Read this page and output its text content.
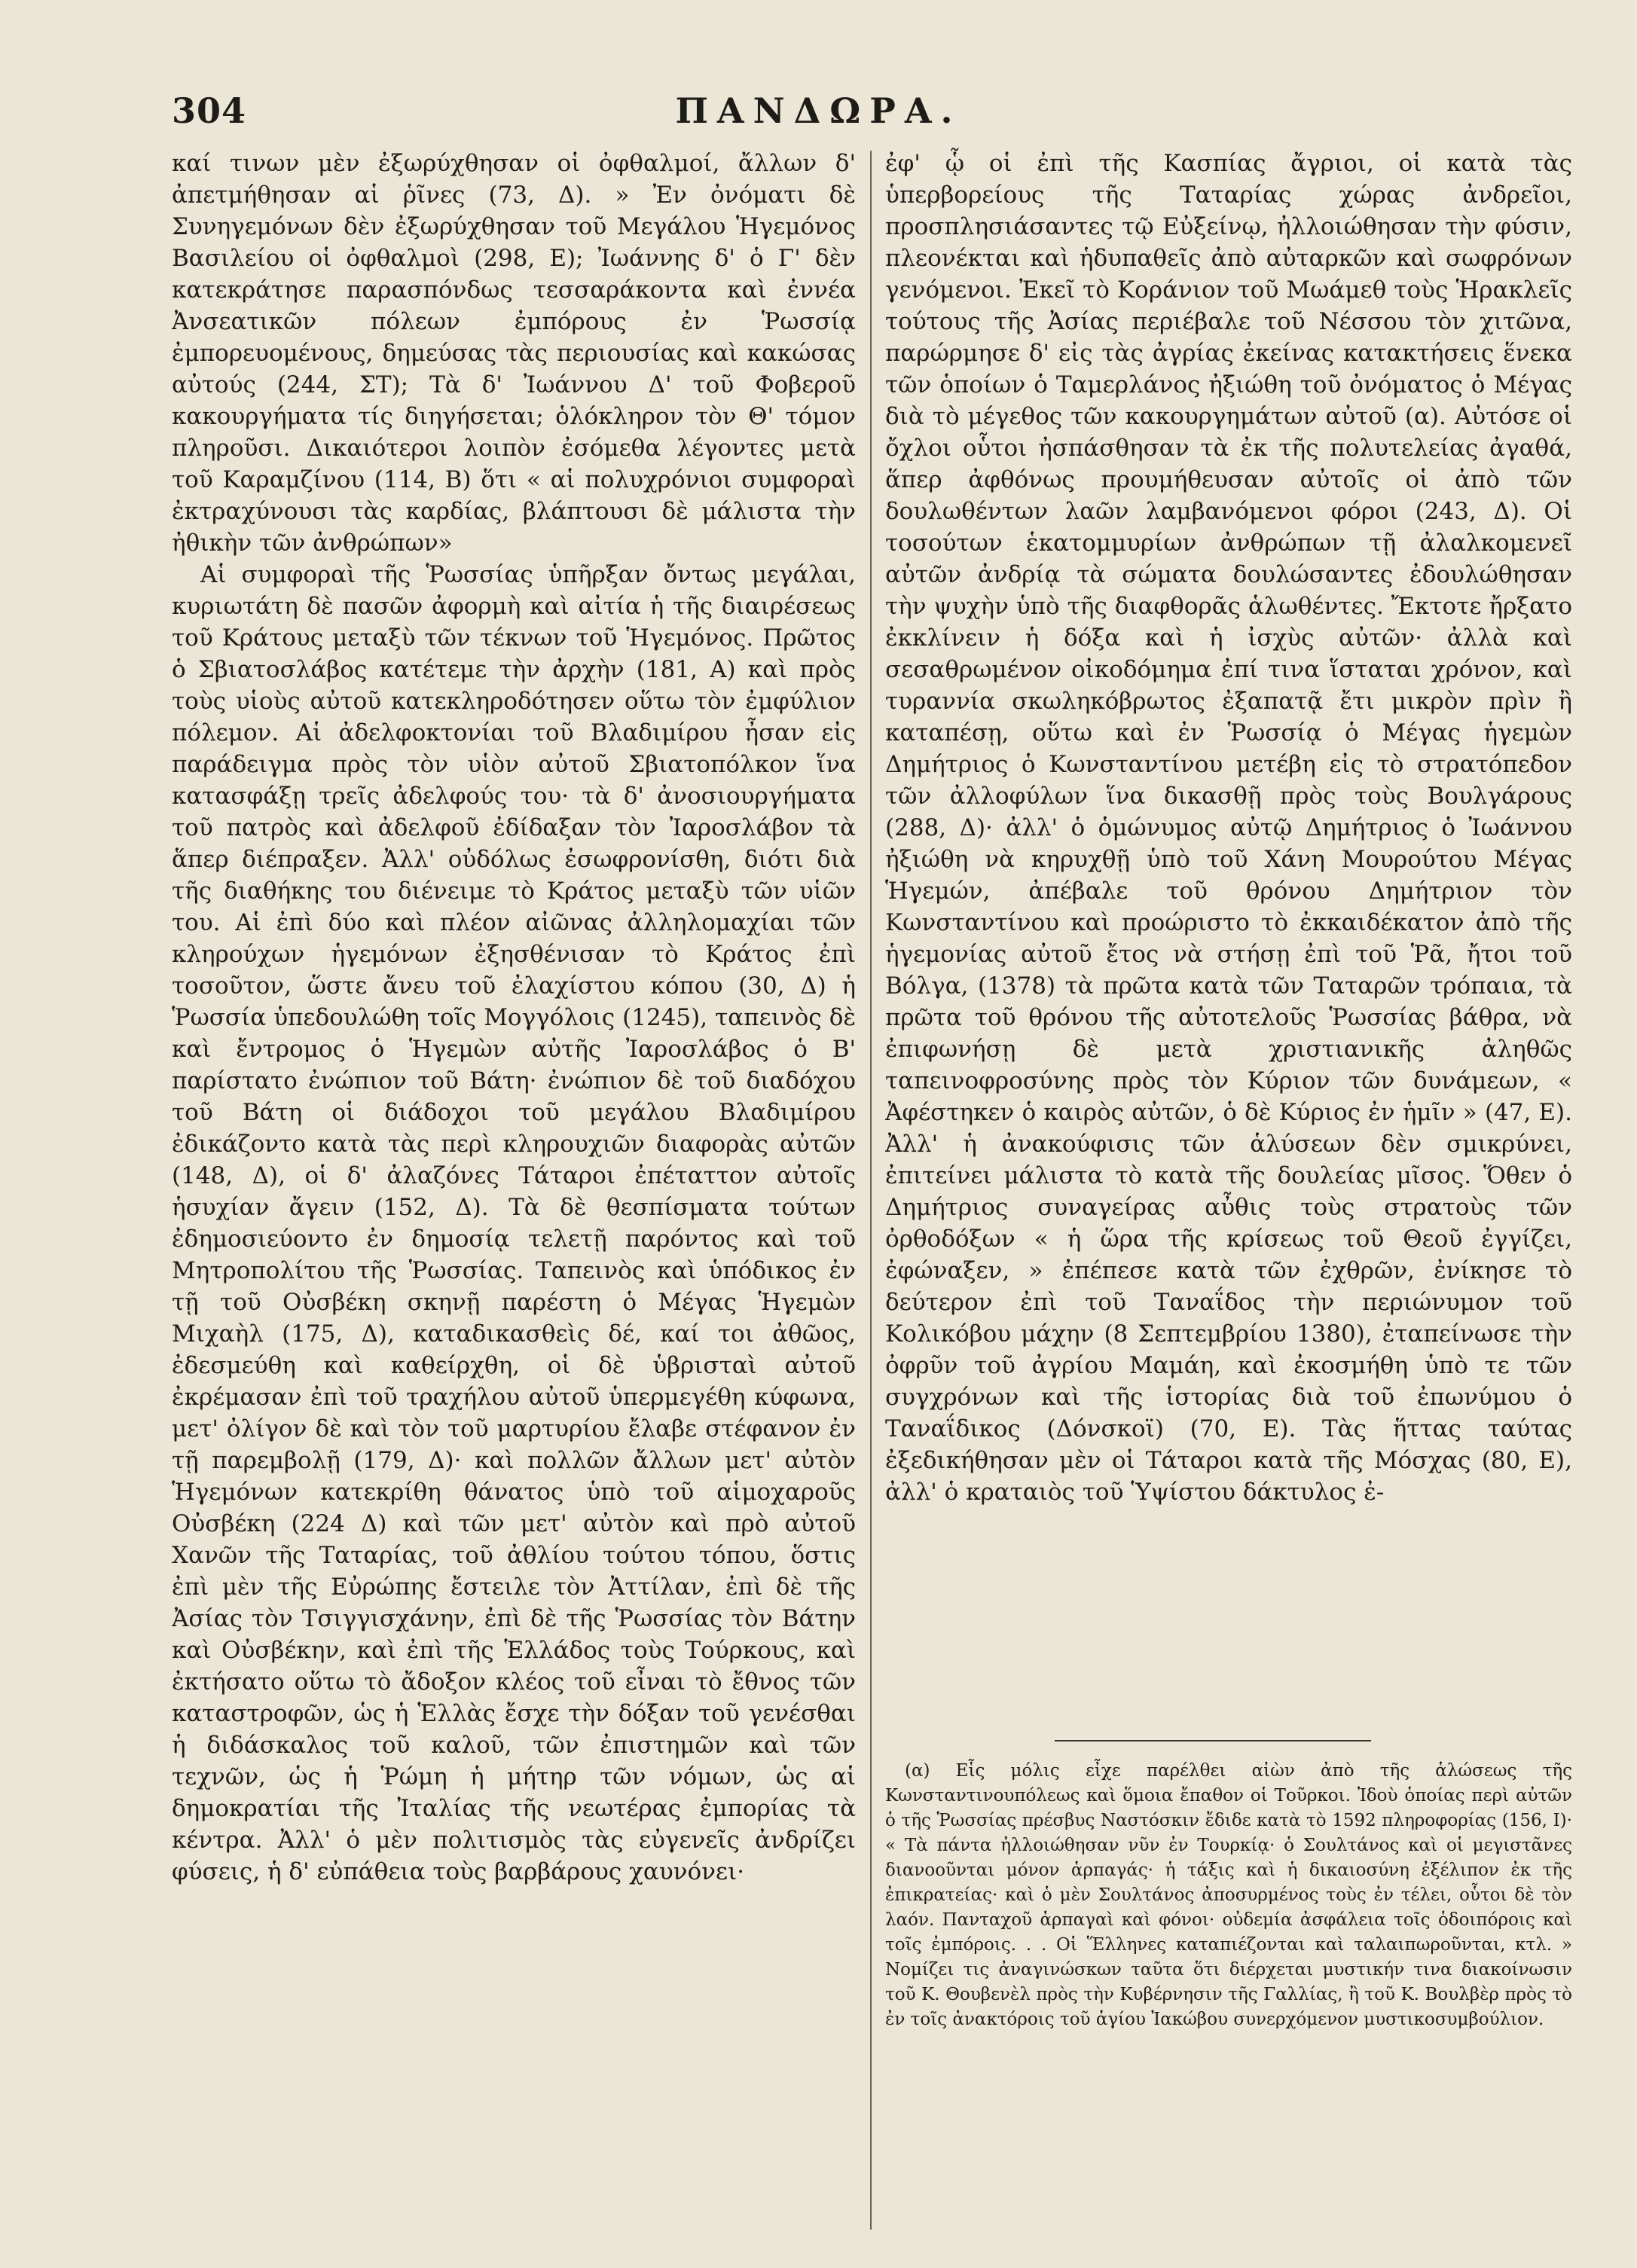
304	ΠΑΝΔΩΡΑ.

καί τινων μὲν ἐξωρύχθησαν οἱ ὀφθαλμοί, ἄλλων δ' ἀπετμήθησαν αἱ ῥῖνες (73, Δ). » Ἐν ὀνόματι δὲ Συνηγεμόνων δὲν ἐξωρύχθησαν τοῦ Μεγάλου Ἡγεμόνος Βασιλείου οἱ ὀφθαλμοὶ (298, Ε); Ἰωάννης δ' ὁ Γ' δὲν κατεκράτησε παρασπόνδως τεσσαράκοντα καὶ ἐννέα Ἀνσεατικῶν πόλεων ἐμπόρους ἐν Ῥωσσίᾳ ἐμπορευομένους, δημεύσας τὰς περιουσίας καὶ κακώσας αὐτούς (244, ΣΤ); Τὰ δ' Ἰωάννου Δ' τοῦ Φοβεροῦ κακουργήματα τίς διηγήσεται; ὁλόκληρον τὸν Θ' τόμον πληροῦσι. Δικαιότεροι λοιπὸν ἐσόμεθα λέγοντες μετὰ τοῦ Καραμζίνου (114, Β) ὅτι « αἱ πολυχρόνιοι συμφοραὶ ἐκτραχύνουσι τὰς καρδίας, βλάπτουσι δὲ μάλιστα τὴν ἠθικὴν τῶν ἀνθρώπων»

Αἱ συμφοραὶ τῆς Ῥωσσίας ὑπῆρξαν ὄντως μεγάλαι, κυριωτάτη δὲ πασῶν ἀφορμὴ καὶ αἰτία ἡ τῆς διαιρέσεως τοῦ Κράτους μεταξὺ τῶν τέκνων τοῦ Ἡγεμόνος. Πρῶτος ὁ Σβιατοσλάβος κατέτεμε τὴν ἀρχὴν (181, Α) καὶ πρὸς τοὺς υἱοὺς αὐτοῦ κατεκληροδότησεν οὕτω τὸν ἐμφύλιον πόλεμον. Αἱ ἀδελφοκτονίαι τοῦ Βλαδιμίρου ἦσαν εἰς παράδειγμα πρὸς τὸν υἱὸν αὐτοῦ Σβιατοπόλκον ἵνα κατασφάξῃ τρεῖς ἀδελφούς του· τὰ δ' ἀνοσιουργήματα τοῦ πατρὸς καὶ ἀδελφοῦ ἐδίδαξαν τὸν Ἰαροσλάβον τὰ ἅπερ διέπραξεν. Ἀλλ' οὐδόλως ἐσωφρονίσθη, διότι διὰ τῆς διαθήκης του διένειμε τὸ Κράτος μεταξὺ τῶν υἱῶν του. Αἱ ἐπὶ δύο καὶ πλέον αἰῶνας ἀλληλομαχίαι τῶν κληρούχων ἡγεμόνων ἐξησθένισαν τὸ Κράτος ἐπὶ τοσοῦτον, ὥστε ἄνευ τοῦ ἐλαχίστου κόπου (30, Δ) ἡ Ῥωσσία ὑπεδουλώθη τοῖς Μογγόλοις (1245), ταπεινὸς δὲ καὶ ἔντρομος ὁ Ἡγεμὼν αὐτῆς Ἰαροσλάβος ὁ Β' παρίστατο ἐνώπιον τοῦ Βάτη· ἐνώπιον δὲ τοῦ διαδόχου τοῦ Βάτη οἱ διάδοχοι τοῦ μεγάλου Βλαδιμίρου ἐδικάζοντο κατὰ τὰς περὶ κληρουχιῶν διαφορὰς αὐτῶν (148, Δ), οἱ δ' ἀλαζόνες Τάταροι ἐπέταττον αὐτοῖς ἡσυχίαν ἄγειν (152, Δ). Τὰ δὲ θεσπίσματα τούτων ἐδημοσιεύοντο ἐν δημοσίᾳ τελετῇ παρόντος καὶ τοῦ Μητροπολίτου τῆς Ῥωσσίας. Ταπεινὸς καὶ ὑπόδικος ἐν τῇ τοῦ Οὐσβέκη σκηνῇ παρέστη ὁ Μέγας Ἡγεμὼν Μιχαὴλ (175, Δ), καταδικασθεὶς δέ, καί τοι ἀθῶος, ἐδεσμεύθη καὶ καθείρχθη, οἱ δὲ ὑβρισταὶ αὐτοῦ ἐκρέμασαν ἐπὶ τοῦ τραχήλου αὐτοῦ ὑπερμεγέθη κύφωνα, μετ' ὀλίγον δὲ καὶ τὸν τοῦ μαρτυρίου ἔλαβε στέφανον ἐν τῇ παρεμβολῇ (179, Δ)· καὶ πολλῶν ἄλλων μετ' αὐτὸν Ἡγεμόνων κατεκρίθη θάνατος ὑπὸ τοῦ αἱμοχαροῦς Οὐσβέκη (224 Δ) καὶ τῶν μετ' αὐτὸν καὶ πρὸ αὐτοῦ Χανῶν τῆς Ταταρίας, τοῦ ἀθλίου τούτου τόπου, ὅστις ἐπὶ μὲν τῆς Εὐρώπης ἔστειλε τὸν Ἀττίλαν, ἐπὶ δὲ τῆς Ἀσίας τὸν Τσιγγισχάνην, ἐπὶ δὲ τῆς Ῥωσσίας τὸν Βάτην καὶ Οὐσβέκην, καὶ ἐπὶ τῆς Ἑλλάδος τοὺς Τούρκους, καὶ ἐκτήσατο οὕτω τὸ ἄδοξον κλέος τοῦ εἶναι τὸ ἔθνος τῶν καταστροφῶν, ὡς ἡ Ἑλλὰς ἔσχε τὴν δόξαν τοῦ γενέσθαι ἡ διδάσκαλος τοῦ καλοῦ, τῶν ἐπιστημῶν καὶ τῶν τεχνῶν, ὡς ἡ Ῥώμη ἡ μήτηρ τῶν νόμων, ὡς αἱ δημοκρατίαι τῆς Ἰταλίας τῆς νεωτέρας ἐμπορίας τὰ κέντρα. Ἀλλ' ὁ μὲν πολιτισμὸς τὰς εὐγενεῖς ἀνδρίζει φύσεις, ἡ δ' εὐπάθεια τοὺς βαρβάρους χαυνόνει·

ἐφ' ᾧ οἱ ἐπὶ τῆς Κασπίας ἄγριοι, οἱ κατὰ τὰς ὑπερβορείους τῆς Ταταρίας χώρας ἀνδρεῖοι, προσπλησιάσαντες τῷ Εὐξείνῳ, ἠλλοιώθησαν τὴν φύσιν, πλεονέκται καὶ ἡδυπαθεῖς ἀπὸ αὐταρκῶν καὶ σωφρόνων γενόμενοι. Ἐκεῖ τὸ Κοράνιον τοῦ Μωάμεθ τοὺς Ἡρακλεῖς τούτους τῆς Ἀσίας περιέβαλε τοῦ Νέσσου τὸν χιτῶνα, παρώρμησε δ' εἰς τὰς ἀγρίας ἐκείνας κατακτήσεις ἕνεκα τῶν ὁποίων ὁ Ταμερλάνος ἠξιώθη τοῦ ὀνόματος ὁ Μέγας διὰ τὸ μέγεθος τῶν κακουργημάτων αὐτοῦ (α). Αὐτόσε οἱ ὄχλοι οὗτοι ἠσπάσθησαν τὰ ἐκ τῆς πολυτελείας ἀγαθά, ἅπερ ἀφθόνως προυμήθευσαν αὐτοῖς οἱ ἀπὸ τῶν δουλωθέντων λαῶν λαμβανόμενοι φόροι (243, Δ). Οἱ τοσούτων ἑκατομμυρίων ἀνθρώπων τῇ ἀλαλκομενεῖ αὐτῶν ἀνδρίᾳ τὰ σώματα δουλώσαντες ἐδουλώθησαν τὴν ψυχὴν ὑπὸ τῆς διαφθορᾶς ἁλωθέντες. Ἔκτοτε ἤρξατο ἐκκλίνειν ἡ δόξα καὶ ἡ ἰσχὺς αὐτῶν· ἀλλὰ καὶ σεσαθρωμένον οἰκοδόμημα ἐπί τινα ἵσταται χρόνον, καὶ τυραννία σκωληκόβρωτος ἐξαπατᾷ ἔτι μικρὸν πρὶν ἢ καταπέσῃ, οὕτω καὶ ἐν Ῥωσσίᾳ ὁ Μέγας ἡγεμὼν Δημήτριος ὁ Κωνσταντίνου μετέβη εἰς τὸ στρατόπεδον τῶν ἀλλοφύλων ἵνα δικασθῇ πρὸς τοὺς Βουλγάρους (288, Δ)· ἀλλ' ὁ ὁμώνυμος αὐτῷ Δημήτριος ὁ Ἰωάννου ἠξιώθη νὰ κηρυχθῇ ὑπὸ τοῦ Χάνη Μουρούτου Μέγας Ἡγεμών, ἀπέβαλε τοῦ θρόνου Δημήτριον τὸν Κωνσταντίνου καὶ προώριστο τὸ ἐκκαιδέκατον ἀπὸ τῆς ἡγεμονίας αὐτοῦ ἔτος νὰ στήσῃ ἐπὶ τοῦ Ῥᾶ, ἤτοι τοῦ Βόλγα, (1378) τὰ πρῶτα κατὰ τῶν Ταταρῶν τρόπαια, τὰ πρῶτα τοῦ θρόνου τῆς αὐτοτελοῦς Ῥωσσίας βάθρα, νὰ ἐπιφωνήσῃ δὲ μετὰ χριστιανικῆς ἀληθῶς ταπεινοφροσύνης πρὸς τὸν Κύριον τῶν δυνάμεων, « Ἀφέστηκεν ὁ καιρὸς αὐτῶν, ὁ δὲ Κύριος ἐν ἡμῖν » (47, Ε). Ἀλλ' ἡ ἀνακούφισις τῶν ἁλύσεων δὲν σμικρύνει, ἐπιτείνει μάλιστα τὸ κατὰ τῆς δουλείας μῖσος. Ὅθεν ὁ Δημήτριος συναγείρας αὖθις τοὺς στρατοὺς τῶν ὀρθοδόξων « ἡ ὥρα τῆς κρίσεως τοῦ Θεοῦ ἐγγίζει, ἐφώναξεν, » ἐπέπεσε κατὰ τῶν ἐχθρῶν, ἐνίκησε τὸ δεύτερον ἐπὶ τοῦ Ταναΐδος τὴν περιώνυμον τοῦ Κολικόβου μάχην (8 Σεπτεμβρίου 1380), ἐταπείνωσε τὴν ὀφρῦν τοῦ ἀγρίου Μαμάη, καὶ ἐκοσμήθη ὑπὸ τε τῶν συγχρόνων καὶ τῆς ἱστορίας διὰ τοῦ ἐπωνύμου ὁ Ταναΐδικος (Δόνσκοϊ) (70, Ε). Τὰς ἥττας ταύτας ἐξεδικήθησαν μὲν οἱ Τάταροι κατὰ τῆς Μόσχας (80, Ε), ἀλλ' ὁ κραταιὸς τοῦ Ὑψίστου δάκτυλος ἐ-

(α) Εἷς μόλις εἶχε παρέλθει αἰὼν ἀπὸ τῆς ἁλώσεως τῆς Κωνσταντινουπόλεως καὶ ὅμοια ἔπαθον οἱ Τοῦρκοι. Ἰδοὺ ὁποίας περὶ αὐτῶν ὁ τῆς Ῥωσσίας πρέσβυς Ναστόσκιν ἔδιδε κατὰ τὸ 1592 πληροφορίας (156, Ι)· « Τὰ πάντα ἠλλοιώθησαν νῦν ἐν Τουρκίᾳ· ὁ Σουλτάνος καὶ οἱ μεγιστᾶνες διανοοῦνται μόνον ἁρπαγάς· ἡ τάξις καὶ ἡ δικαιοσύνη ἐξέλιπον ἐκ τῆς ἐπικρατείας· καὶ ὁ μὲν Σουλτάνος ἀποσυρμένος τοὺς ἐν τέλει, οὗτοι δὲ τὸν λαόν. Πανταχοῦ ἁρπαγαὶ καὶ φόνοι· οὐδεμία ἀσφάλεια τοῖς ὁδοιπόροις καὶ τοῖς ἐμπόροις. . . Οἱ Ἕλληνες καταπιέζονται καὶ ταλαιπωροῦνται, κτλ. » Νομίζει τις ἀναγινώσκων ταῦτα ὅτι διέρχεται μυστικήν τινα διακοίνωσιν τοῦ Κ. Θουβενὲλ πρὸς τὴν Κυβέρνησιν τῆς Γαλλίας, ἢ τοῦ Κ. Βουλβὲρ πρὸς τὸ ἐν τοῖς ἀνακτόροις τοῦ ἁγίου Ἰακώβου συνερχόμενον μυστικοσυμβούλιον.
